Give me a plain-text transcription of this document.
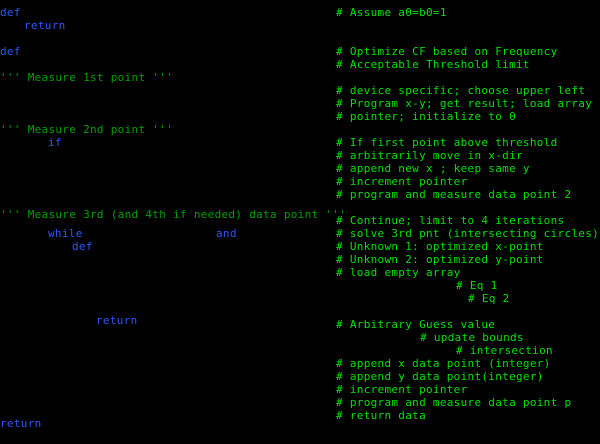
def
return
def
if
while	and
def
return
return
''' Measure 1st point '''
''' Measure 2nd point '''
''' Measure 3rd (and 4th if needed) data point '''
# Assume a0=b0=1
# Optimize CF based on Frequency
# Acceptable Threshold limit
# device specific; choose upper left
# Program x-y; get result; load array
# pointer; initialize to 0
# If first point above threshold
# arbitrarily move in x-dir
# append new x ; keep same y
# increment pointer
# program and measure data point 2
# Continue; limit to 4 iterations
# solve 3rd pnt (intersecting circles)
# Unknown 1: optimized x-point
# Unknown 2: optimized y-point
# load empty array
# Eq 1
# Eq 2
# Arbitrary Guess value
# update bounds
# intersection
# append x data point (integer)
# append y data point(integer)
# increment pointer
# program and measure data point p
# return data
